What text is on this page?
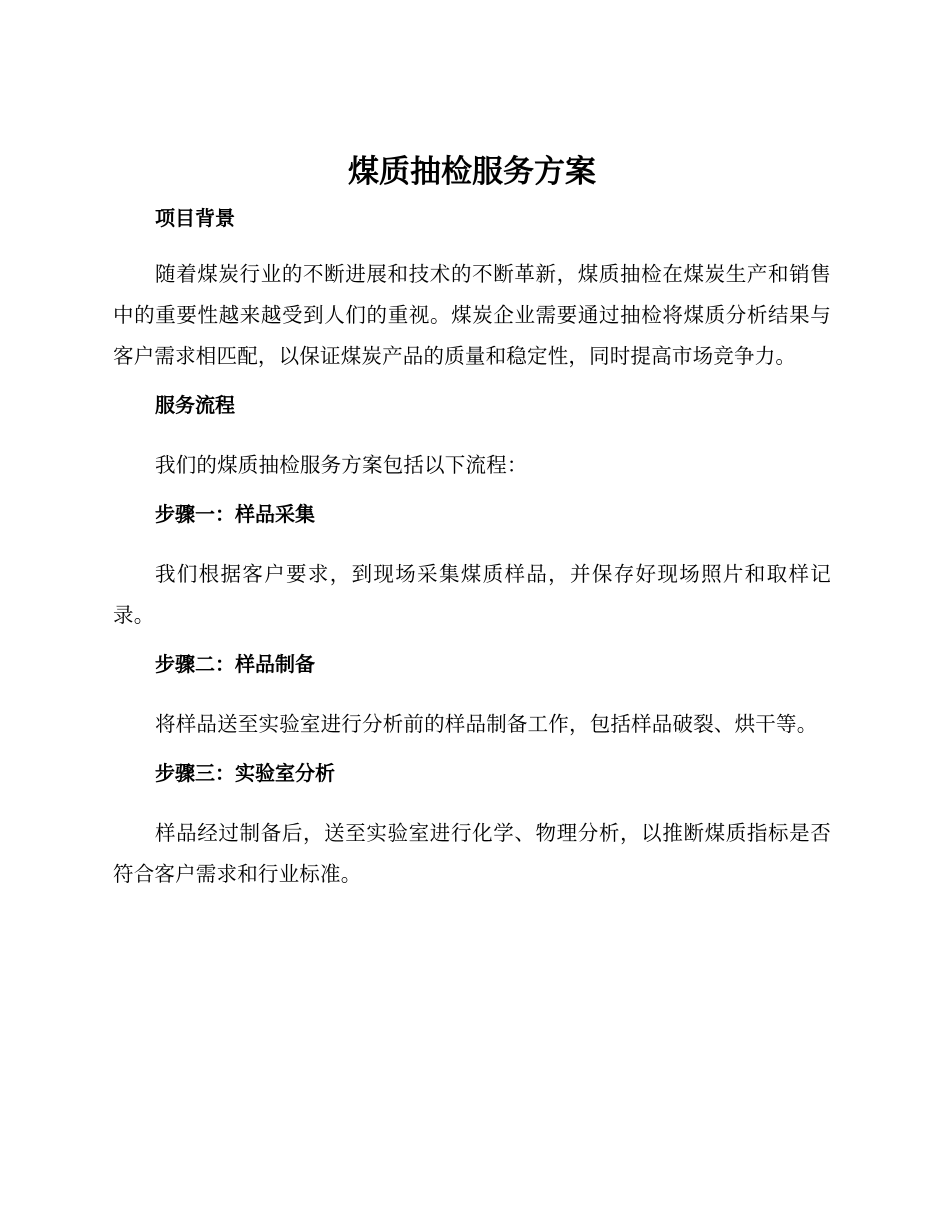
煤质抽检服务方案
项目背景

随着煤炭行业的不断进展和技术的不断革新，煤质抽检在煤炭生产和销售中的重要性越来越受到人们的重视。煤炭企业需要通过抽检将煤质分析结果与客户需求相匹配，以保证煤炭产品的质量和稳定性，同时提高市场竞争力。

服务流程

我们的煤质抽检服务方案包括以下流程：

步骤一：样品采集

我们根据客户要求，到现场采集煤质样品，并保存好现场照片和取样记录。

步骤二：样品制备

将样品送至实验室进行分析前的样品制备工作，包括样品破裂、烘干等。

步骤三：实验室分析

样品经过制备后，送至实验室进行化学、物理分析，以推断煤质指标是否符合客户需求和行业标准。
